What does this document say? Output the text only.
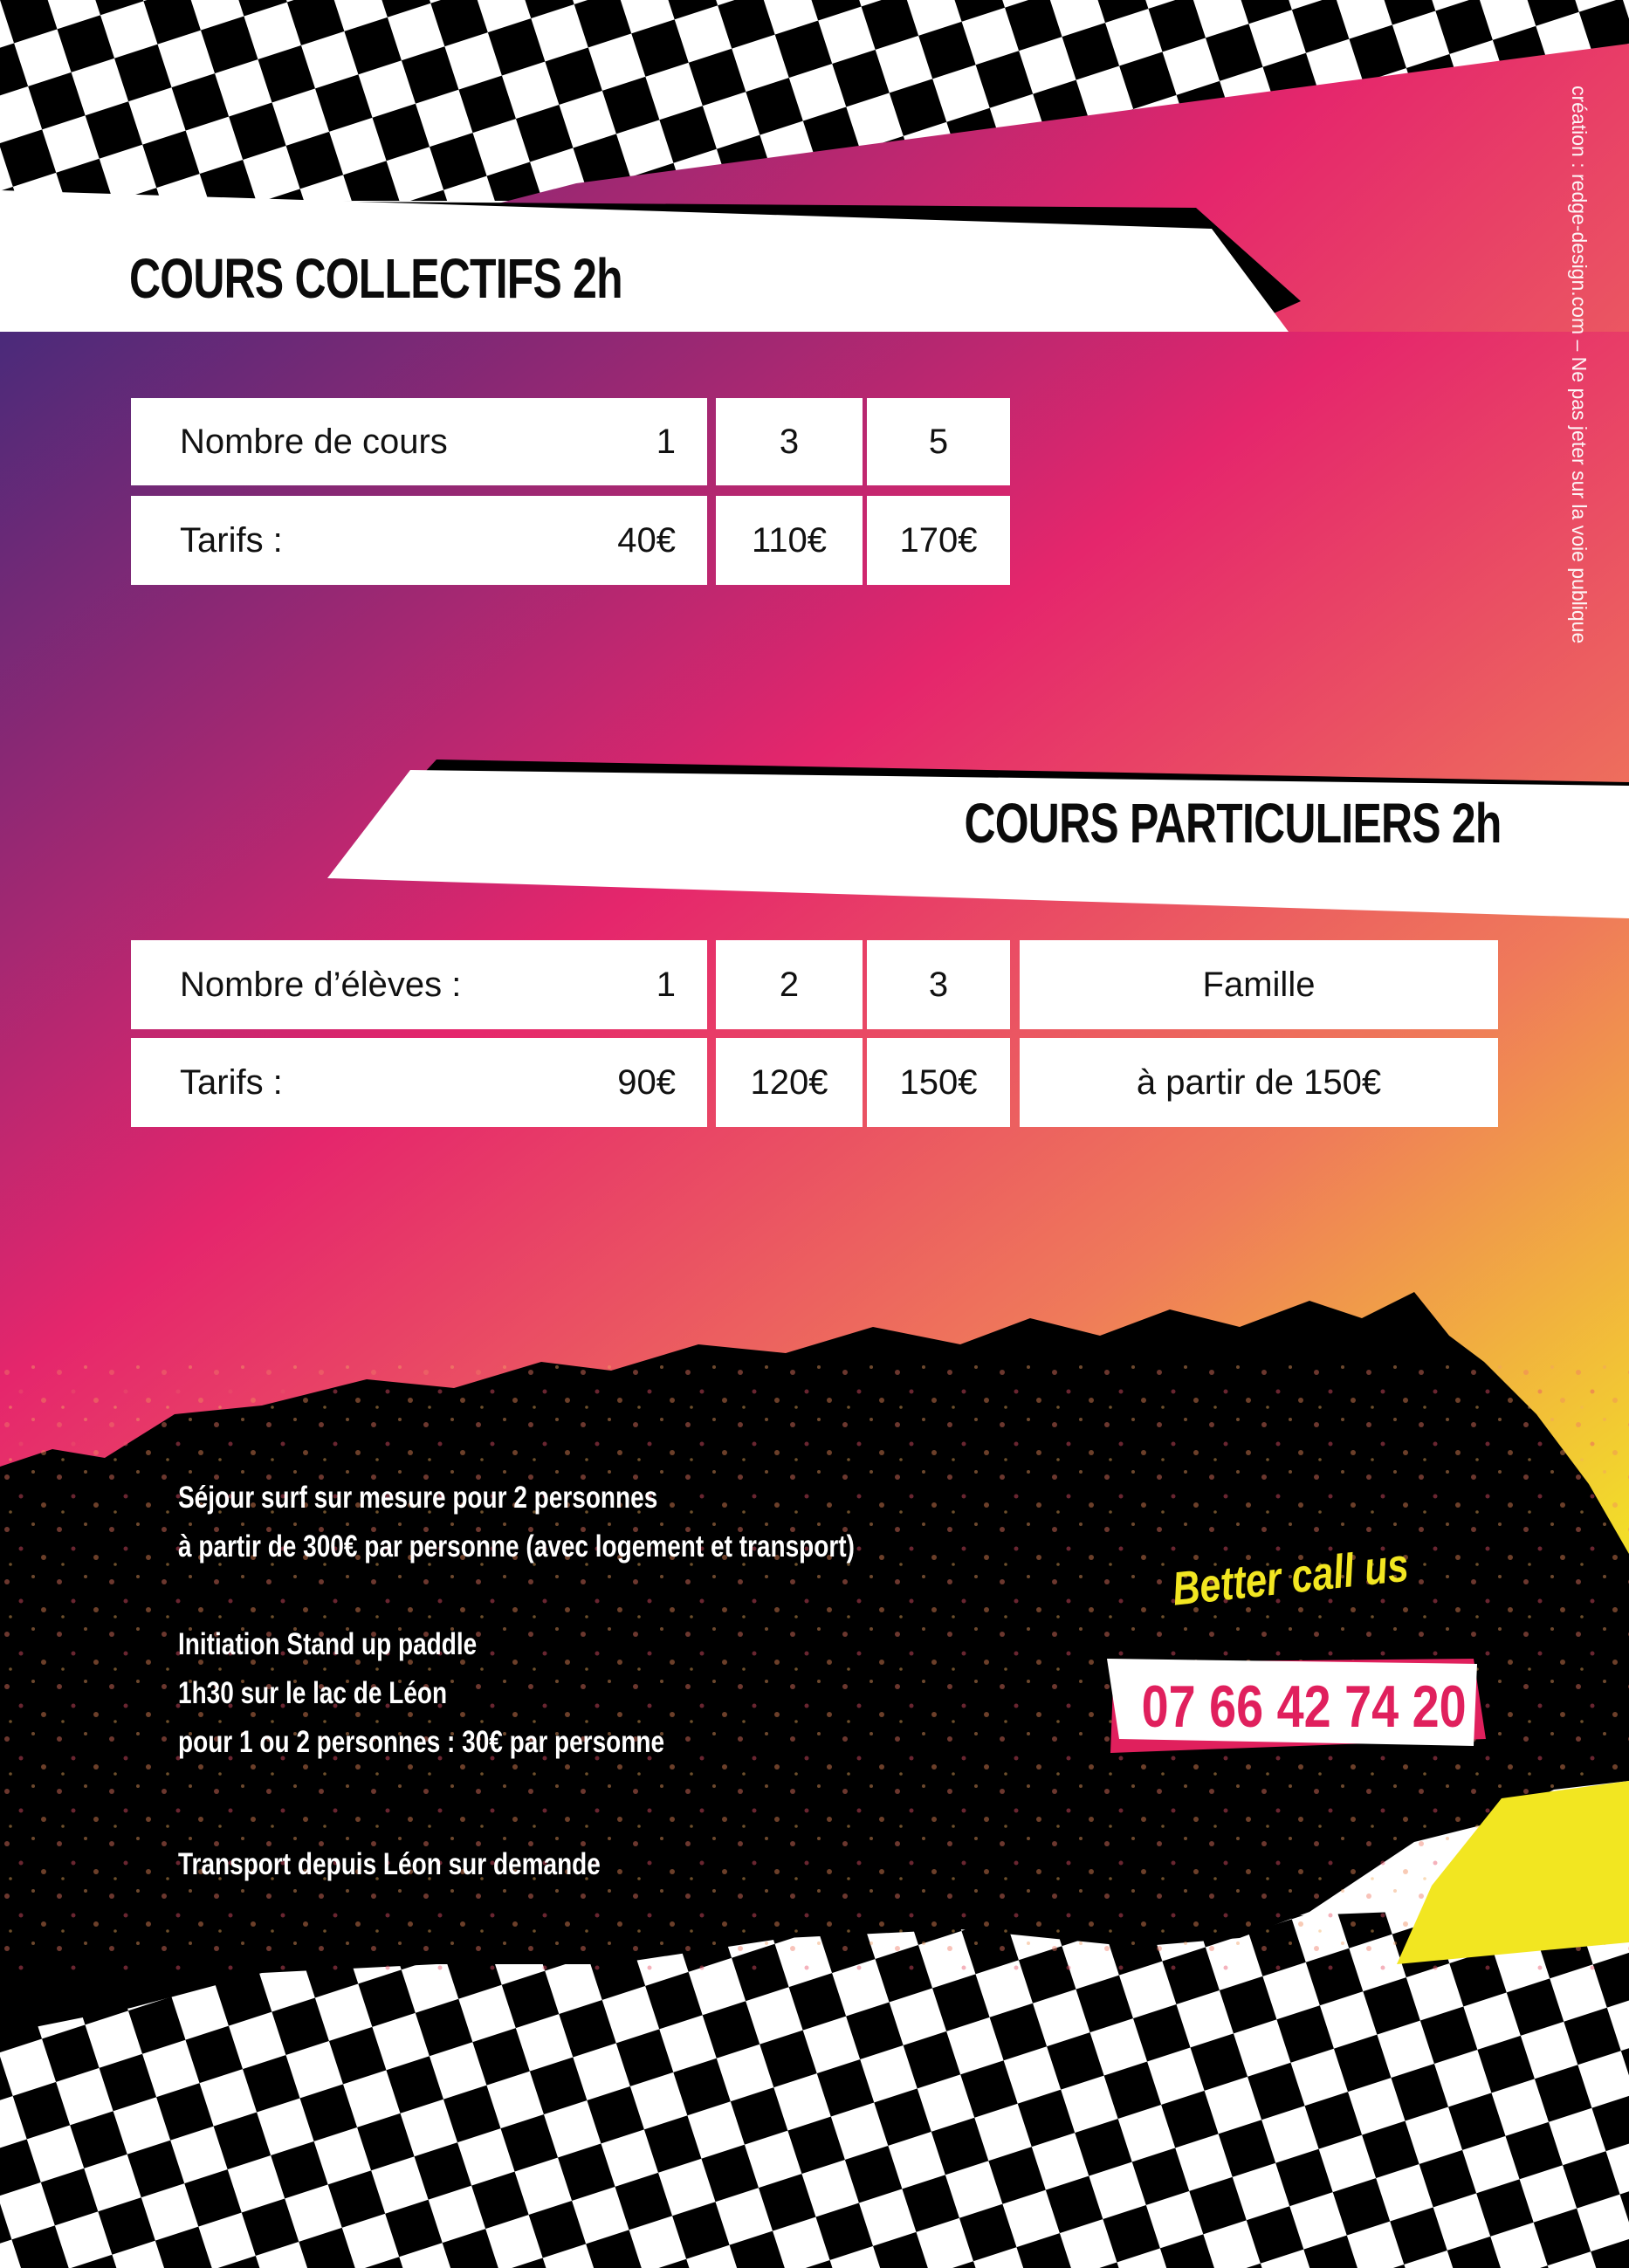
création : redge-design.com – Ne pas jeter sur la voie publique
COURS COLLECTIFS 2h
Nombre de cours	1	3	5
Tarifs :	40€	110€	170€
COURS PARTICULIERS 2h
Nombre d’élèves :	1	2	3	Famille
Tarifs :	90€	120€	150€	à partir de 150€
Séjour surf sur mesure pour 2 personnes
à partir de 300€ par personne (avec logement et transport)
Initiation Stand up paddle
1h30 sur le lac de Léon
pour 1 ou 2 personnes : 30€ par personne
Transport depuis Léon sur demande
Better call us
07 66 42 74 20
